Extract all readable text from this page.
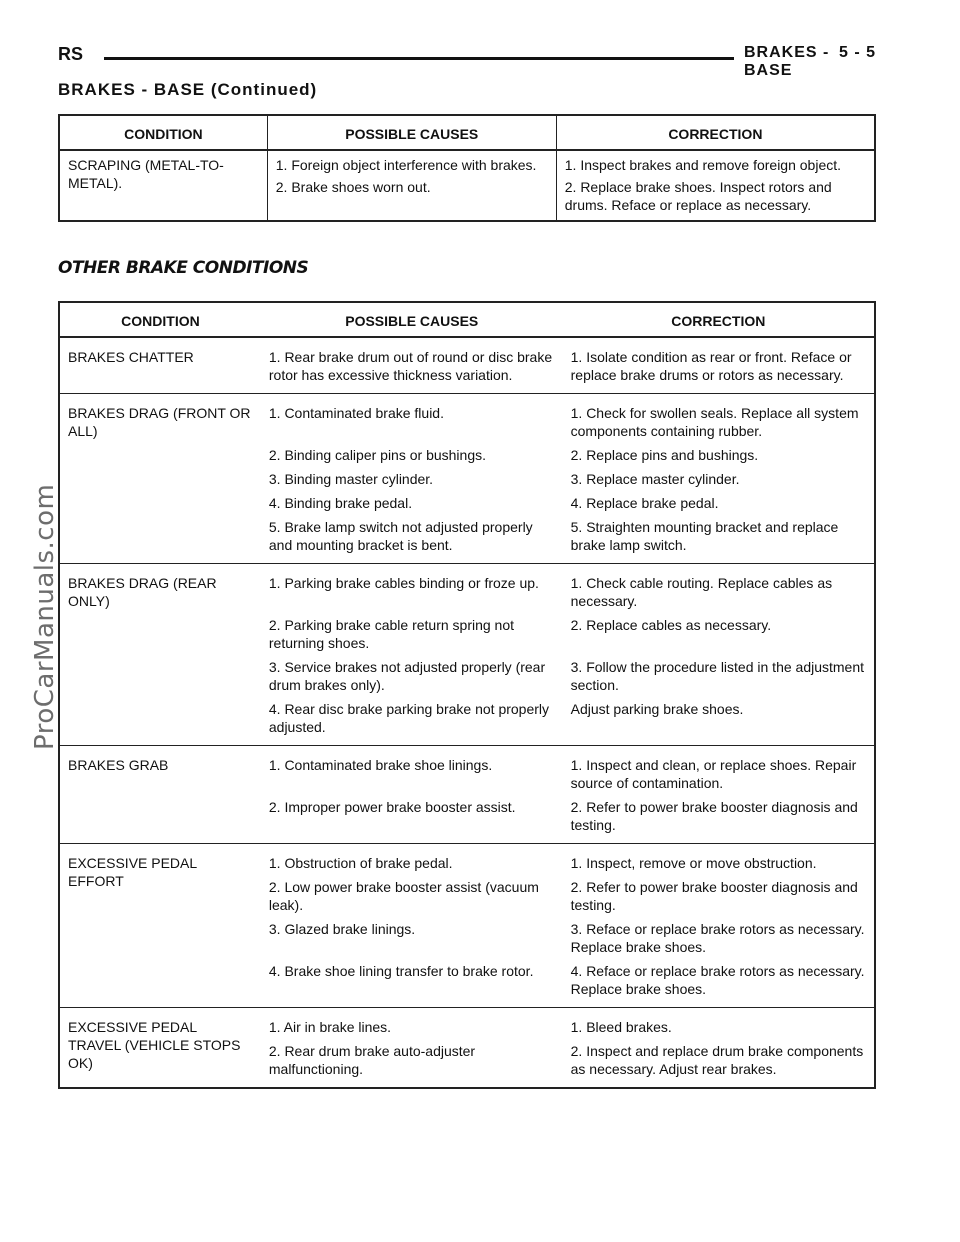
RS	BRAKES - BASE
5 - 5
BRAKES - BASE (Continued)
CONDITION	POSSIBLE CAUSES	CORRECTION
SCRAPING (METAL-TO-METAL).	1. Foreign object interference with brakes.	1. Inspect brakes and remove foreign object.
	2. Brake shoes worn out.	2. Replace brake shoes. Inspect rotors and drums. Reface or replace as necessary.
OTHER BRAKE CONDITIONS
CONDITION	POSSIBLE CAUSES	CORRECTION
BRAKES CHATTER	1. Rear brake drum out of round or disc brake rotor has excessive thickness variation.	1. Isolate condition as rear or front. Reface or replace brake drums or rotors as necessary.
BRAKES DRAG (FRONT OR ALL)	1. Contaminated brake fluid.	1. Check for swollen seals. Replace all system components containing rubber.
	2. Binding caliper pins or bushings.	2. Replace pins and bushings.
	3. Binding master cylinder.	3. Replace master cylinder.
	4. Binding brake pedal.	4. Replace brake pedal.
	5. Brake lamp switch not adjusted properly and mounting bracket is bent.	5. Straighten mounting bracket and replace brake lamp switch.
BRAKES DRAG (REAR ONLY)	1. Parking brake cables binding or froze up.	1. Check cable routing. Replace cables as necessary.
	2. Parking brake cable return spring not returning shoes.	2. Replace cables as necessary.
	3. Service brakes not adjusted properly (rear drum brakes only).	3. Follow the procedure listed in the adjustment section.
	4. Rear disc brake parking brake not properly adjusted.	Adjust parking brake shoes.
BRAKES GRAB	1. Contaminated brake shoe linings.	1. Inspect and clean, or replace shoes. Repair source of contamination.
	2. Improper power brake booster assist.	2. Refer to power brake booster diagnosis and testing.
EXCESSIVE PEDAL EFFORT	1. Obstruction of brake pedal.	1. Inspect, remove or move obstruction.
	2. Low power brake booster assist (vacuum leak).	2. Refer to power brake booster diagnosis and testing.
	3. Glazed brake linings.	3. Reface or replace brake rotors as necessary. Replace brake shoes.
	4. Brake shoe lining transfer to brake rotor.	4. Reface or replace brake rotors as necessary. Replace brake shoes.
EXCESSIVE PEDAL TRAVEL (VEHICLE STOPS OK)	1. Air in brake lines.	1. Bleed brakes.
	2. Rear drum brake auto-adjuster malfunctioning.	2. Inspect and replace drum brake components as necessary. Adjust rear brakes.
ProCarManuals.com
